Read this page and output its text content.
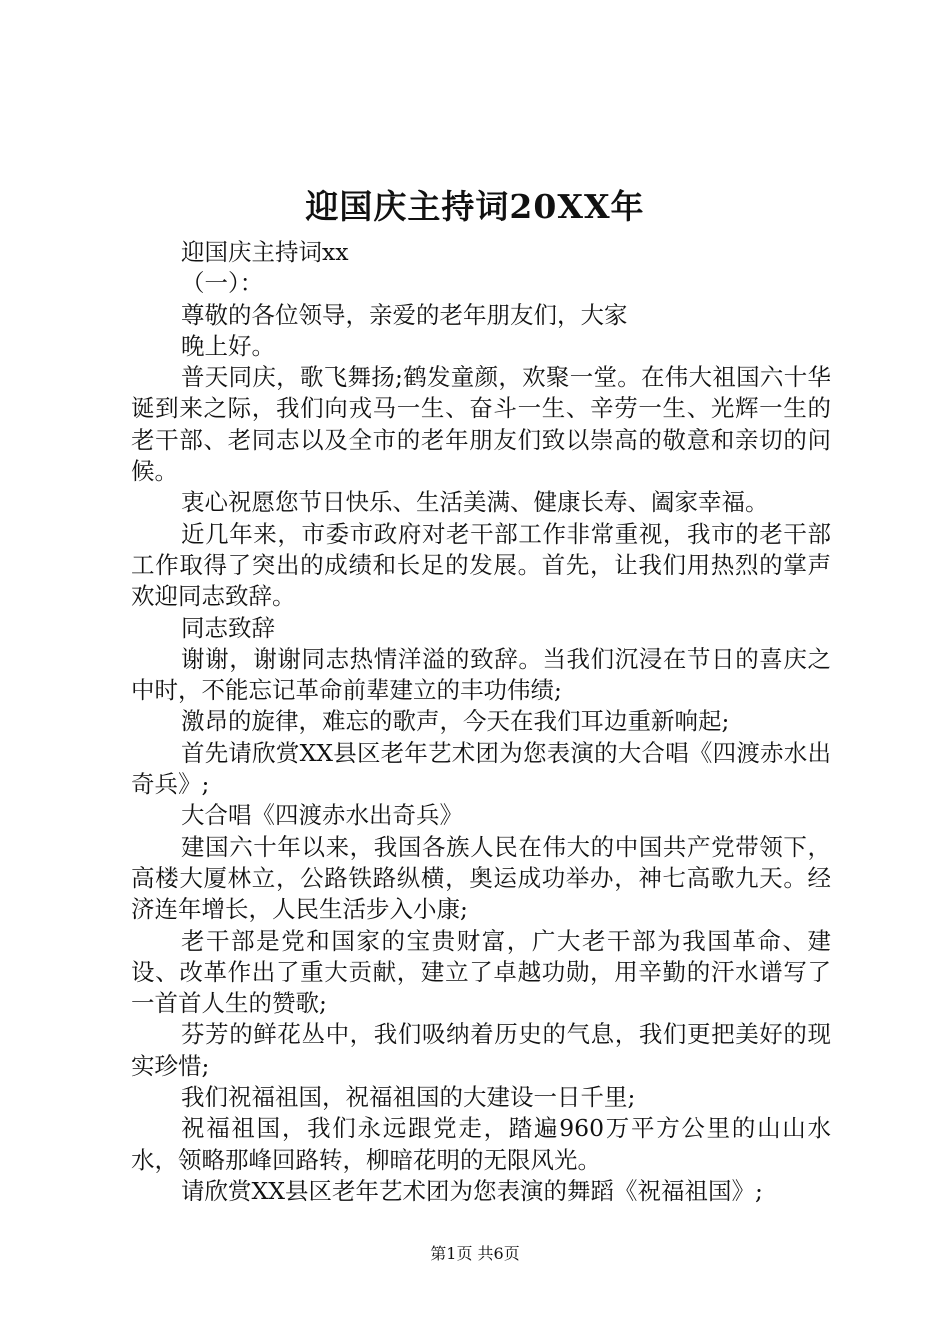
迎国庆主持词20XX年

迎国庆主持词xx

（一）：

尊敬的各位领导，亲爱的老年朋友们，大家

晚上好。

普天同庆，歌飞舞扬;鹤发童颜，欢聚一堂。在伟大祖国六十华诞到来之际，我们向戎马一生、奋斗一生、辛劳一生、光辉一生的老干部、老同志以及全市的老年朋友们致以崇高的敬意和亲切的问候。

衷心祝愿您节日快乐、生活美满、健康长寿、阖家幸福。

近几年来，市委市政府对老干部工作非常重视，我市的老干部工作取得了突出的成绩和长足的发展。首先，让我们用热烈的掌声欢迎同志致辞。

同志致辞

谢谢，谢谢同志热情洋溢的致辞。当我们沉浸在节日的喜庆之中时，不能忘记革命前辈建立的丰功伟绩;

激昂的旋律，难忘的歌声，今天在我们耳边重新响起;

首先请欣赏XX县区老年艺术团为您表演的大合唱《四渡赤水出奇兵》;

大合唱《四渡赤水出奇兵》

建国六十年以来，我国各族人民在伟大的中国共产党带领下，高楼大厦林立，公路铁路纵横，奥运成功举办，神七高歌九天。经济连年增长，人民生活步入小康;

老干部是党和国家的宝贵财富，广大老干部为我国革命、建设、改革作出了重大贡献，建立了卓越功勋，用辛勤的汗水谱写了一首首人生的赞歌;

芬芳的鲜花丛中，我们吸纳着历史的气息，我们更把美好的现实珍惜;

我们祝福祖国，祝福祖国的大建设一日千里;

祝福祖国，我们永远跟党走，踏遍960万平方公里的山山水水，领略那峰回路转，柳暗花明的无限风光。

请欣赏XX县区老年艺术团为您表演的舞蹈《祝福祖国》;

第1页 共6页
